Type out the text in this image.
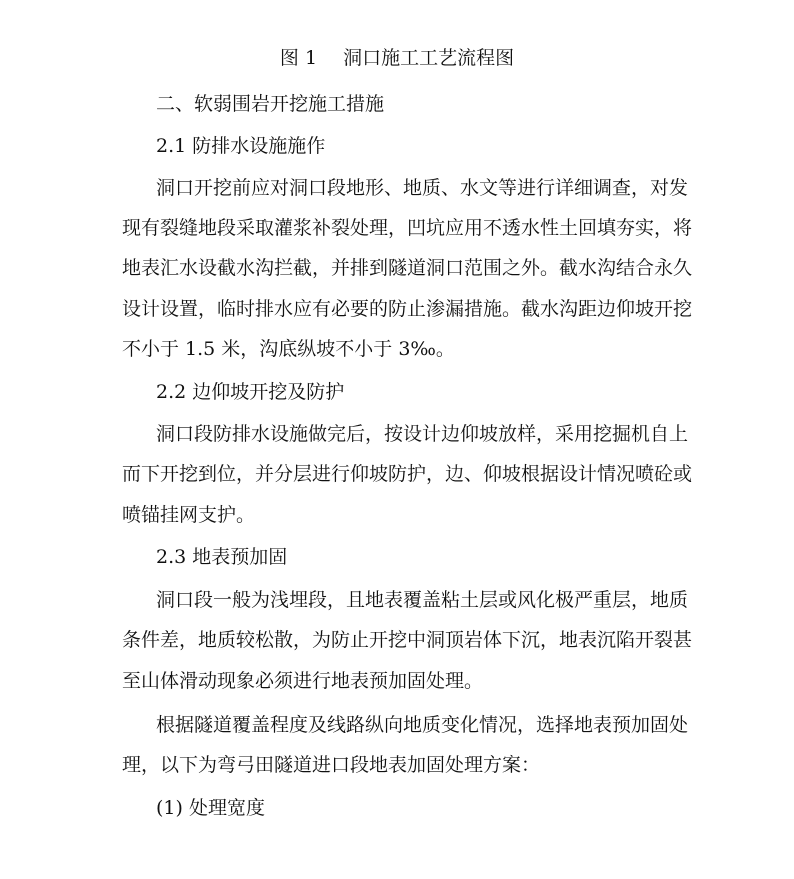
图 1 洞口施工工艺流程图

二、软弱围岩开挖施工措施

2.1 防排水设施施作

洞口开挖前应对洞口段地形、地质、水文等进行详细调查，对发

现有裂缝地段采取灌浆补裂处理，凹坑应用不透水性土回填夯实，将

地表汇水设截水沟拦截，并排到隧道洞口范围之外。截水沟结合永久

设计设置，临时排水应有必要的防止渗漏措施。截水沟距边仰坡开挖

不小于 1.5 米，沟底纵坡不小于 3‰。

2.2 边仰坡开挖及防护

洞口段防排水设施做完后，按设计边仰坡放样，采用挖掘机自上

而下开挖到位，并分层进行仰坡防护，边、仰坡根据设计情况喷砼或

喷锚挂网支护。

2.3 地表预加固

洞口段一般为浅埋段，且地表覆盖粘土层或风化极严重层，地质

条件差，地质较松散，为防止开挖中洞顶岩体下沉，地表沉陷开裂甚

至山体滑动现象必须进行地表预加固处理。

根据隧道覆盖程度及线路纵向地质变化情况，选择地表预加固处

理，以下为弯弓田隧道进口段地表加固处理方案：

(1) 处理宽度
